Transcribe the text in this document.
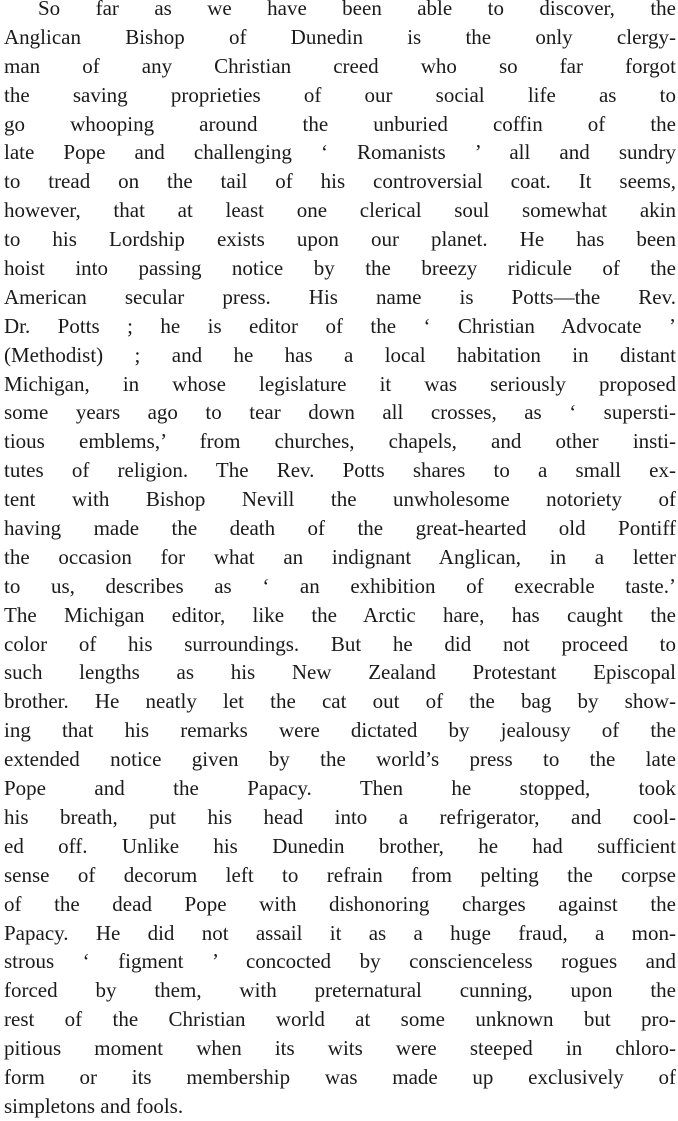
So far as we have been able to discover, the
Anglican Bishop of Dunedin is the only clergy-
man of any Christian creed who so far forgot
the saving proprieties of our social life as to
go whooping around the unburied coffin of the
late Pope and challenging ‘ Romanists ’ all and sundry
to tread on the tail of his controversial coat. It seems,
however, that at least one clerical soul somewhat akin
to his Lordship exists upon our planet. He has been
hoist into passing notice by the breezy ridicule of the
American secular press. His name is Potts—the Rev.
Dr. Potts ; he is editor of the ‘ Christian Advocate ’
(Methodist) ; and he has a local habitation in distant
Michigan, in whose legislature it was seriously proposed
some years ago to tear down all crosses, as ‘ supersti-
tious emblems,’ from churches, chapels, and other insti-
tutes of religion. The Rev. Potts shares to a small ex-
tent with Bishop Nevill the unwholesome notoriety of
having made the death of the great-hearted old Pontiff
the occasion for what an indignant Anglican, in a letter
to us, describes as ‘ an exhibition of execrable taste.’
The Michigan editor, like the Arctic hare, has caught the
color of his surroundings. But he did not proceed to
such lengths as his New Zealand Protestant Episcopal
brother. He neatly let the cat out of the bag by show-
ing that his remarks were dictated by jealousy of the
extended notice given by the world’s press to the late
Pope and the Papacy. Then he stopped, took
his breath, put his head into a refrigerator, and cool-
ed off. Unlike his Dunedin brother, he had sufficient
sense of decorum left to refrain from pelting the corpse
of the dead Pope with dishonoring charges against the
Papacy. He did not assail it as a huge fraud, a mon-
strous ‘ figment ’ concocted by conscienceless rogues and
forced by them, with preternatural cunning, upon the
rest of the Christian world at some unknown but pro-
pitious moment when its wits were steeped in chloro-
form or its membership was made up exclusively of
simpletons and fools.
